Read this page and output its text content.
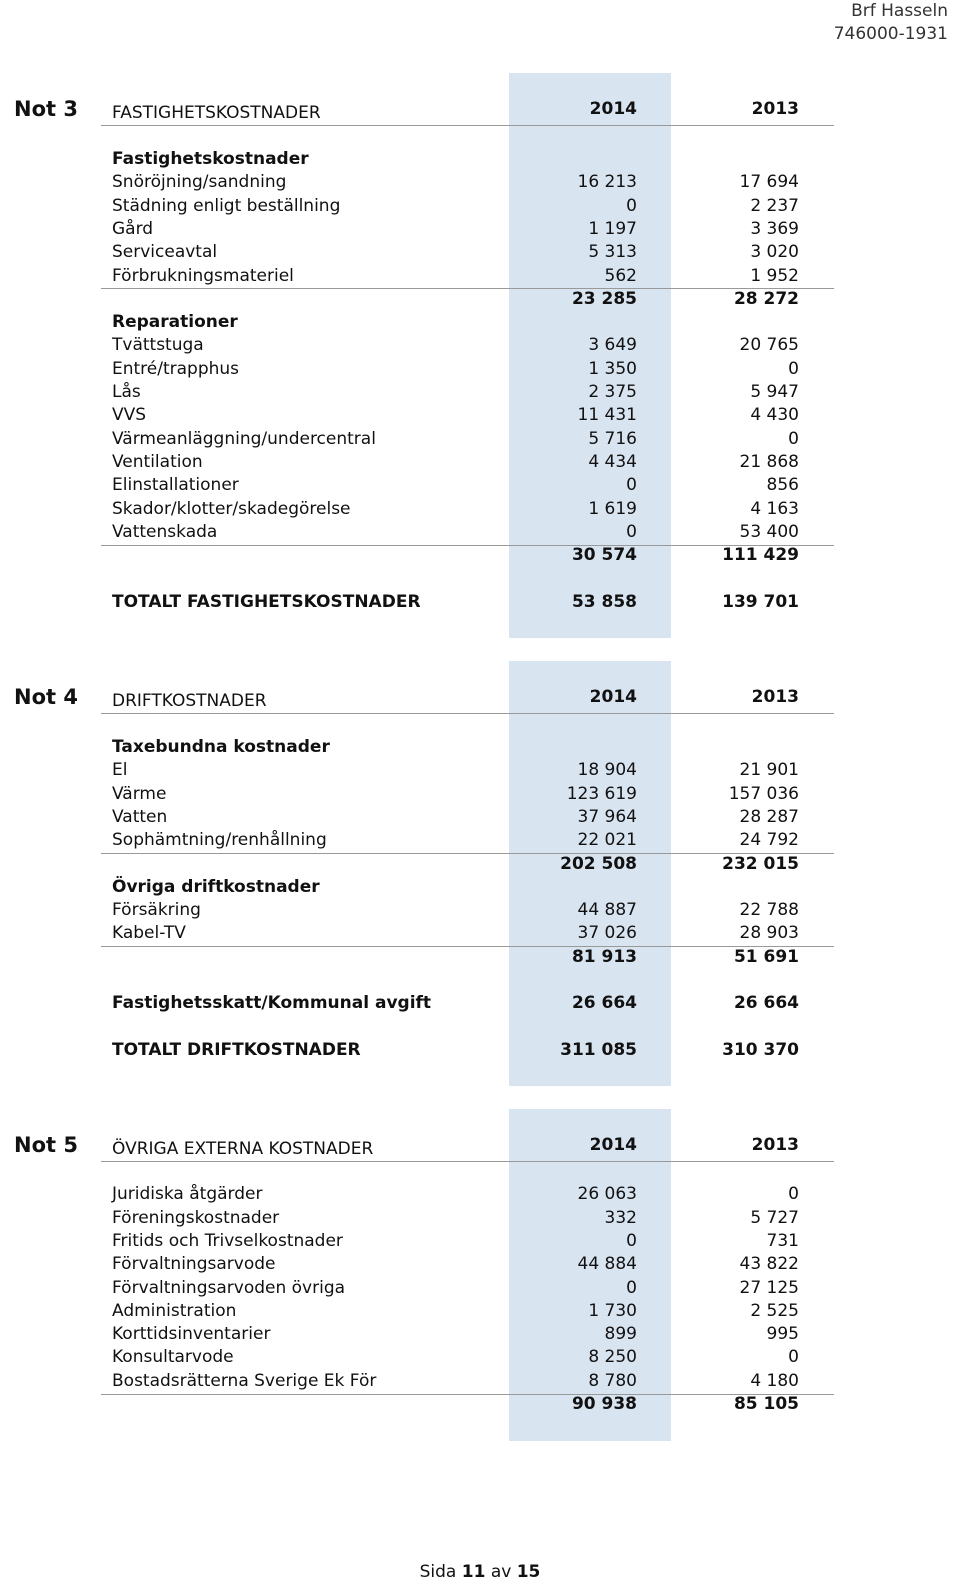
Brf Hasseln
746000-1931
Not 3 FASTIGHETSKOSTNADER	2014	2013
Fastighetskostnader
Snöröjning/sandning	16 213	17 694
Städning enligt beställning	0	2 237
Gård	1 197	3 369
Serviceavtal	5 313	3 020
Förbrukningsmateriel	562	1 952
23 285	28 272
Reparationer
Tvättstuga	3 649	20 765
Entré/trapphus	1 350	0
Lås	2 375	5 947
VVS	11 431	4 430
Värmeanläggning/undercentral	5 716	0
Ventilation	4 434	21 868
Elinstallationer	0	856
Skador/klotter/skadegörelse	1 619	4 163
Vattenskada	0	53 400
30 574	111 429
TOTALT FASTIGHETSKOSTNADER	53 858	139 701
Not 4 DRIFTKOSTNADER	2014	2013
Taxebundna kostnader
El	18 904	21 901
Värme	123 619	157 036
Vatten	37 964	28 287
Sophämtning/renhållning	22 021	24 792
202 508	232 015
Övriga driftkostnader
Försäkring	44 887	22 788
Kabel-TV	37 026	28 903
81 913	51 691
Fastighetsskatt/Kommunal avgift	26 664	26 664
TOTALT DRIFTKOSTNADER	311 085	310 370
Not 5 ÖVRIGA EXTERNA KOSTNADER	2014	2013
Juridiska åtgärder	26 063	0
Föreningskostnader	332	5 727
Fritids och Trivselkostnader	0	731
Förvaltningsarvode	44 884	43 822
Förvaltningsarvoden övriga	0	27 125
Administration	1 730	2 525
Korttidsinventarier	899	995
Konsultarvode	8 250	0
Bostadsrätterna Sverige Ek För	8 780	4 180
90 938	85 105
Sida 11 av 15
